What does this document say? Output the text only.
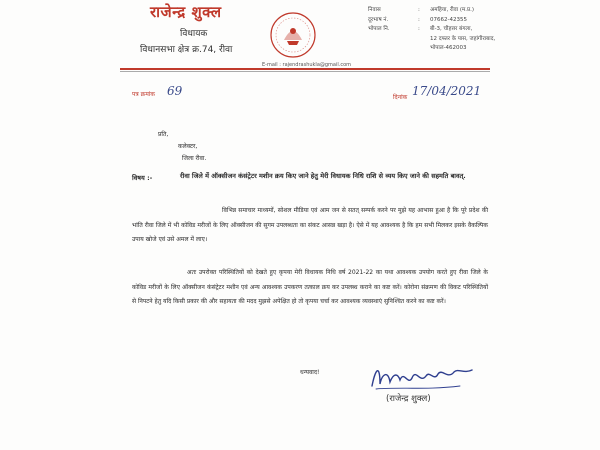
राजेन्द्र शुक्ल
विधायक
विधानसभा क्षेत्र क्र.74, रीवा
E-mail : rajendrashukla@gmail.com
निवास	:	अमहिया, रीवा (म.प्र.)
दूरभाष नं.	:	07662-42355
भोपाल नि.	:	बी-3, चौहत्तर बंगला,
12 दफ्तर के पास, जहांगीराबाद,
भोपाल-462003
पत्र क्रमांक 69	दिनांक 17/04/2021
प्रति,
कलेक्टर,
जिला रीवा.
विषय :-	रीवा जिले में ऑक्सीजन कंसंट्रेटर मशीन क्रय किए जाने हेतु मेरी विधायक निधि राशि से व्यय किए जाने की सहमति बावत्.
विभिन्न समाचार माध्यमों, सोशल मीडिया एवं आम जन से सतत् सम्पर्क करने पर मुझे यह आभास हुआ है कि पूरे प्रदेश की भांति रीवा जिले में भी कोविड मरीजों के लिए ऑक्सीजन की सुगम उपलब्धता का संकट आसन्न खड़ा है। ऐसे में यह आवश्यक है कि हम सभी मिलकर इसके वैकल्पिक उपाय खोजे एवं उसे अमल में लाए।
अतः उपरोक्त परिस्थितियों को देखते हुए कृपया मेरी विधायक निधि वर्ष 2021-22 का यथा आवश्यक उपयोग करते हुए रीवा जिले के कोविड मरीजों के लिए ऑक्सीजन कंसंट्रेटर मशीन एवं अन्य आवश्यक उपकरण तत्काल क्रय कर उपलब्ध कराने का कष्ट करें। कोरोना संक्रमण की विकट परिस्थितियों से निपटने हेतु यदि किसी प्रकार की और सहायता की मदद मुझसे अपेक्षित हो तो कृपया चर्चा कर आवश्यक व्यवस्थाएं सुनिश्चित करने का कष्ट करें।
धन्यवाद!
(राजेन्द्र शुक्ल)
